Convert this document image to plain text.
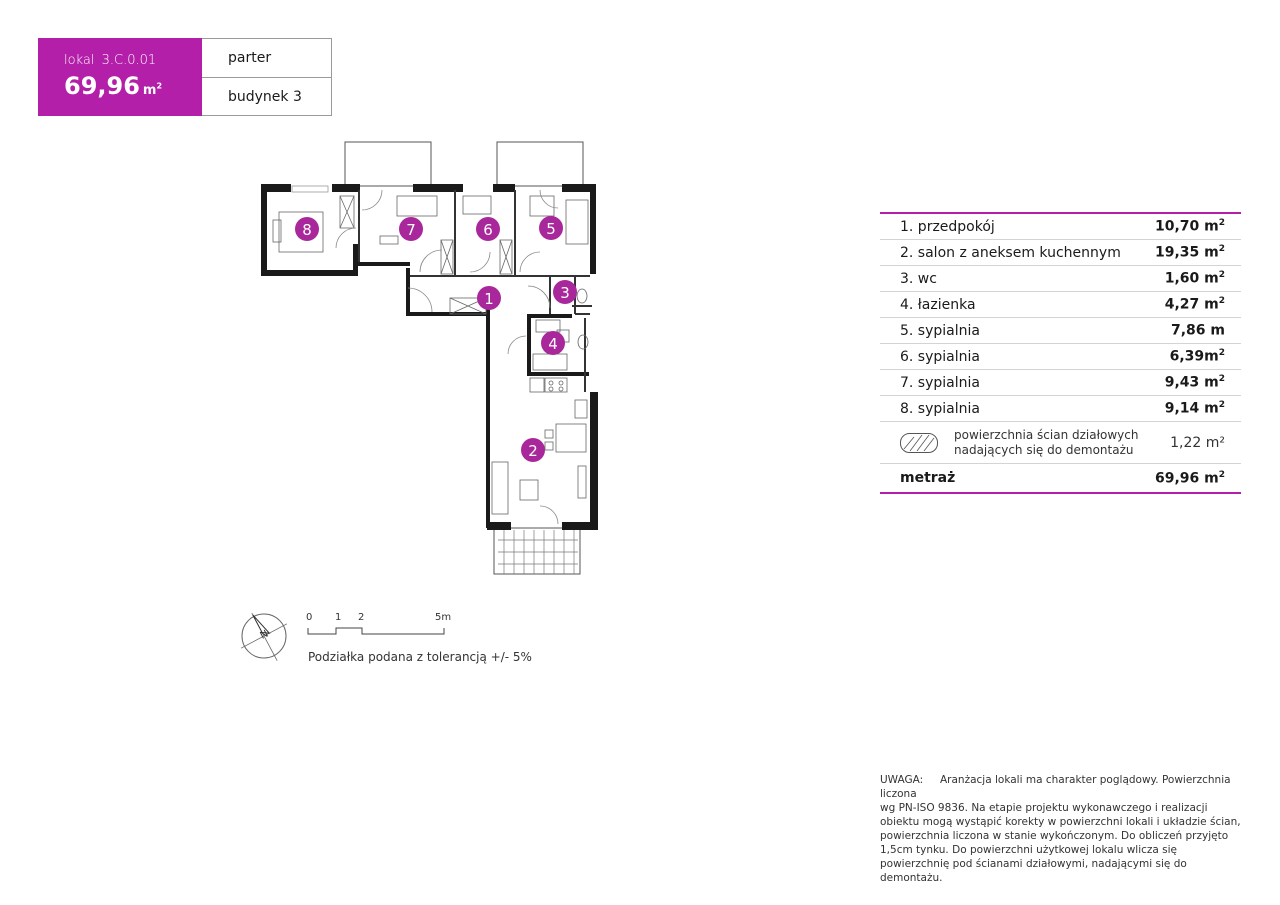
lokal 3.C.0.01
69,96 $m^2$
parter
budynek 3
8	7	6	5
1	3
4
2
1. przedpokój	10,70 $m^2$
2. salon z aneksem kuchennym 19,35 $m^2$
3. wc	1,60 $m^2$
4. łazienka	4,27 $m^2$
5. sypialnia	7,86 m
6. sypialnia	$6,39m^2$
7. sypialnia	9,43 $m^2$
8. sypialnia	9,14 $m^2$
powierzchnia ścian działowych
nadających się do demontażu	1,22 m²
metraż	69,96 $m^2$
N
0 1 2	5m
Podziałka podana z tolerancją +/- 5%
UWAGA: Aranżacja lokali ma charakter poglądowy. Powierzchnia liczona
wg PN-ISO 9836. Na etapie projektu wykonawczego i realizacji obiektu mogą wystąpić korekty w powierzchni lokali i układzie ścian, powierzchnia liczona w stanie wykończonym. Do obliczeń przyjęto 1,5cm tynku. Do powierzchni użytkowej lokalu wlicza się powierzchnię pod ścianami działowymi, nadającymi się do demontażu.
